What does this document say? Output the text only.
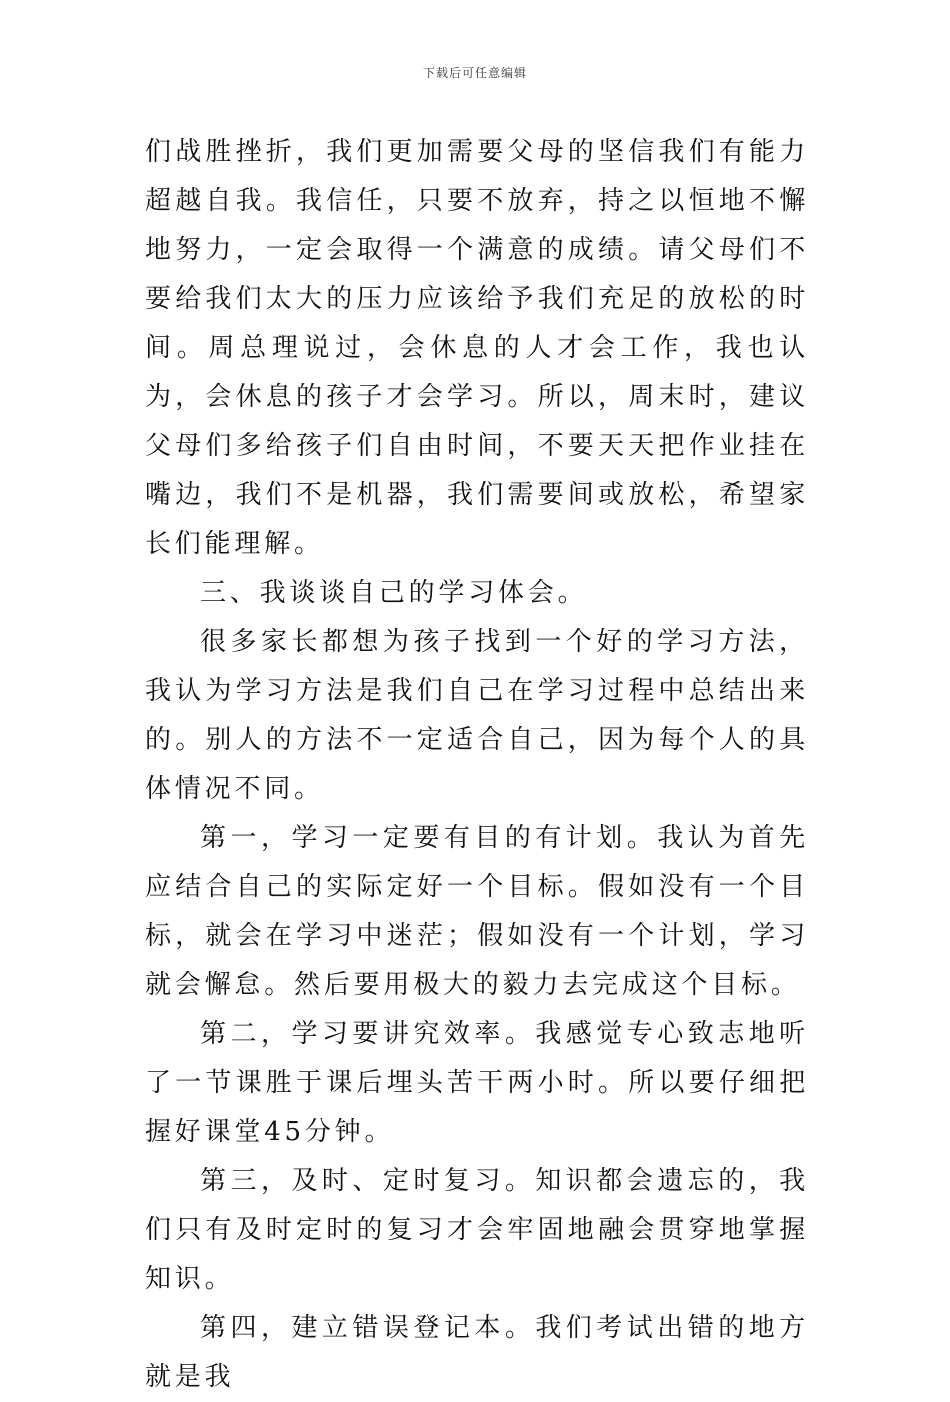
下载后可任意编辑

们战胜挫折，我们更加需要父母的坚信我们有能力超越自我。我信任，只要不放弃，持之以恒地不懈地努力，一定会取得一个满意的成绩。请父母们不要给我们太大的压力应该给予我们充足的放松的时间。周总理说过，会休息的人才会工作，我也认为，会休息的孩子才会学习。所以，周末时，建议父母们多给孩子们自由时间，不要天天把作业挂在嘴边，我们不是机器，我们需要间或放松，希望家长们能理解。

三、我谈谈自己的学习体会。

很多家长都想为孩子找到一个好的学习方法，我认为学习方法是我们自己在学习过程中总结出来的。别人的方法不一定适合自己，因为每个人的具体情况不同。

第一，学习一定要有目的有计划。我认为首先应结合自己的实际定好一个目标。假如没有一个目标，就会在学习中迷茫；假如没有一个计划，学习就会懈怠。然后要用极大的毅力去完成这个目标。

第二，学习要讲究效率。我感觉专心致志地听了一节课胜于课后埋头苦干两小时。所以要仔细把握好课堂45分钟。

第三，及时、定时复习。知识都会遗忘的，我们只有及时定时的复习才会牢固地融会贯穿地掌握知识。

第四，建立错误登记本。我们考试出错的地方就是我
